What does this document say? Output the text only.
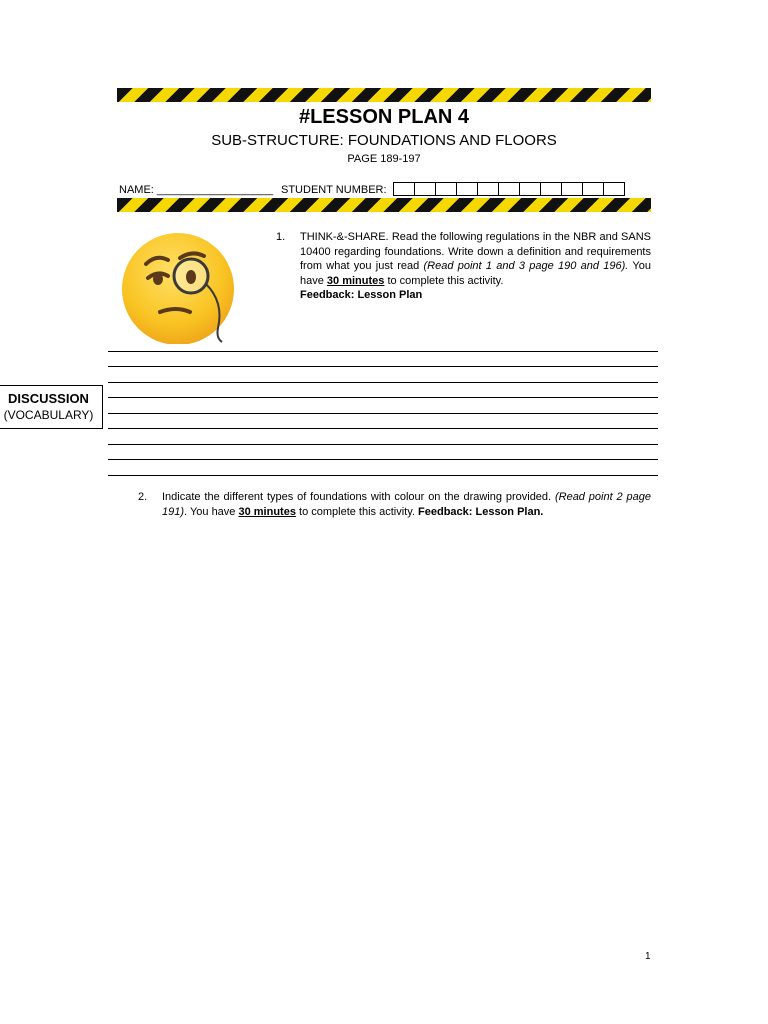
#LESSON PLAN 4
SUB-STRUCTURE: FOUNDATIONS AND FLOORS
PAGE 189-197
NAME: ___________________ STUDENT NUMBER:
1. THINK-&-SHARE. Read the following regulations in the NBR and SANS 10400 regarding foundations. Write down a definition and requirements from what you just read (Read point 1 and 3 page 190 and 196). You have 30 minutes to complete this activity.
Feedback: Lesson Plan
DISCUSSION
(VOCABULARY)
2. Indicate the different types of foundations with colour on the drawing provided. (Read point 2 page 191). You have 30 minutes to complete this activity. Feedback: Lesson Plan.
1
